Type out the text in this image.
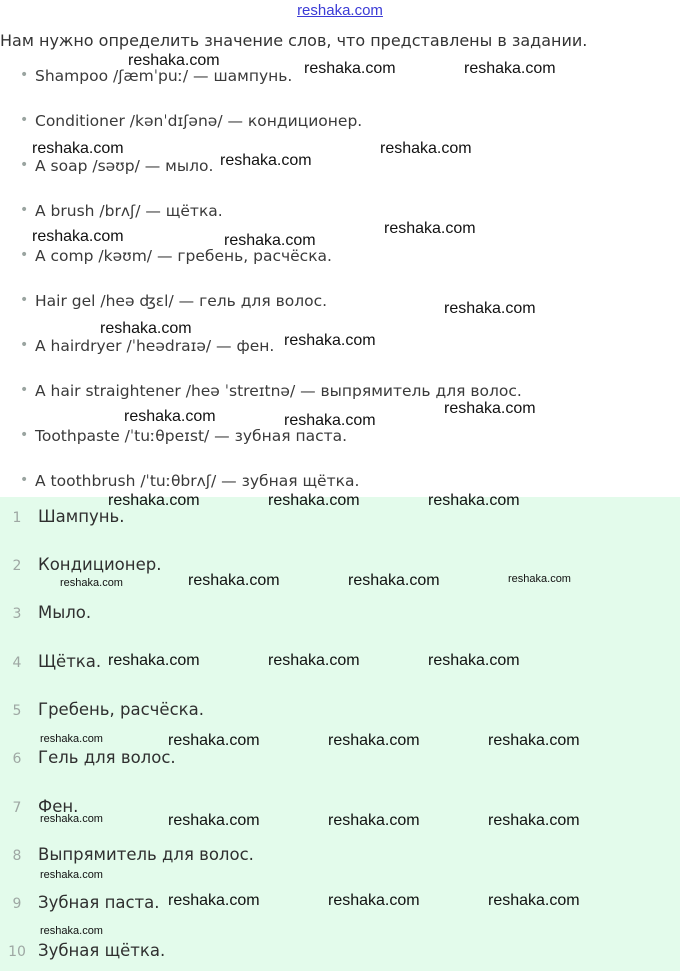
reshaka.com
Нам нужно определить значение слов, что представлены в задании.
• Shampoo /ʃæmˈpuː/ — шампунь.
• Conditioner /kənˈdɪʃənə/ — кондиционер.
• A soap /səʊp/ — мыло.
• A brush /brʌʃ/ — щётка.
• A comp /kəʊm/ — гребень, расчёска.
• Hair gel /heə ʤɛl/ — гель для волос.
• A hairdryer /ˈheədraɪə/ — фен.
• A hair straightener /heə ˈstreɪtnə/ — выпрямитель для волос.
• Toothpaste /ˈtuːθpeɪst/ — зубная паста.
• A toothbrush /ˈtuːθbrʌʃ/ — зубная щётка.
1 Шампунь.
2 Кондиционер.
3 Мыло.
4 Щётка.
5 Гребень, расчёска.
6 Гель для волос.
7 Фен.
8 Выпрямитель для волос.
9 Зубная паста.
10 Зубная щётка.
reshaka.com	reshaka.com	reshaka.com
reshaka.com	reshaka.com
reshaka.com
reshaka.com	reshaka.com
reshaka.com
reshaka.com
reshaka.com
reshaka.com
reshaka.com
reshaka.com	reshaka.com
reshaka.com	reshaka.com	reshaka.com
reshaka.com	reshaka.com	reshaka.com	reshaka.com
reshaka.com	reshaka.com	reshaka.com
reshaka.com	reshaka.com	reshaka.com	reshaka.com
reshaka.com	reshaka.com	reshaka.com	reshaka.com
reshaka.com
reshaka.com	reshaka.com	reshaka.com
reshaka.com
